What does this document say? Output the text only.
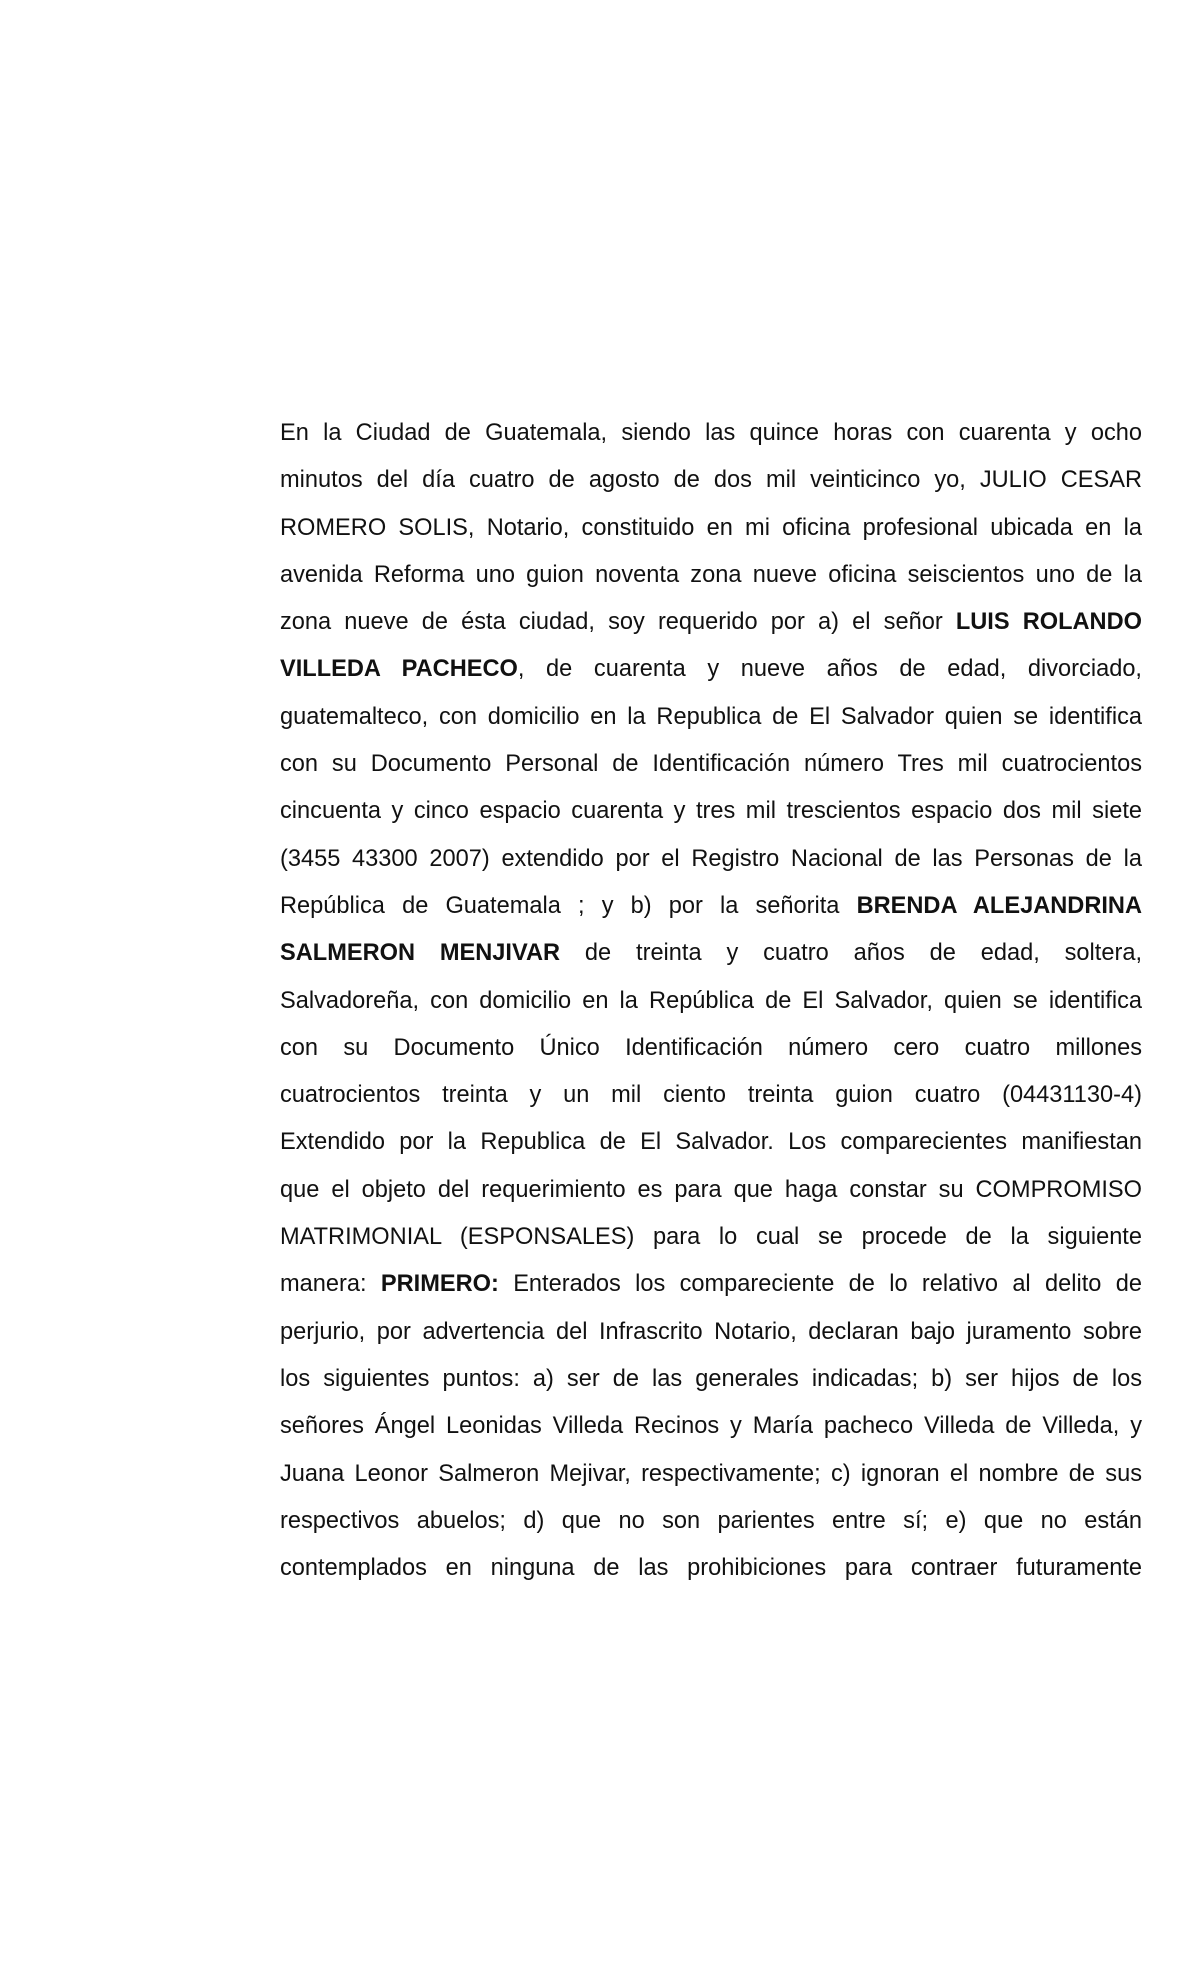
En la Ciudad de Guatemala, siendo las quince horas con cuarenta y ocho
minutos del día cuatro de agosto de dos mil veinticinco yo, JULIO CESAR
ROMERO SOLIS, Notario, constituido en mi oficina profesional ubicada en la
avenida Reforma uno guion noventa zona nueve oficina seiscientos uno de la
zona nueve de ésta ciudad, soy requerido por a) el señor LUIS ROLANDO
VILLEDA PACHECO, de cuarenta y nueve años de edad, divorciado,
guatemalteco, con domicilio en la Republica de El Salvador quien se identifica
con su Documento Personal de Identificación número Tres mil cuatrocientos
cincuenta y cinco espacio cuarenta y tres mil trescientos espacio dos mil siete
(3455 43300 2007) extendido por el Registro Nacional de las Personas de la
República de Guatemala ; y b) por la señorita BRENDA ALEJANDRINA
SALMERON MENJIVAR de treinta y cuatro años de edad, soltera,
Salvadoreña, con domicilio en la República de El Salvador, quien se identifica
con su Documento Único Identificación número cero cuatro millones
cuatrocientos treinta y un mil ciento treinta guion cuatro (04431130-4)
Extendido por la Republica de El Salvador. Los comparecientes manifiestan
que el objeto del requerimiento es para que haga constar su COMPROMISO
MATRIMONIAL (ESPONSALES) para lo cual se procede de la siguiente
manera: PRIMERO: Enterados los compareciente de lo relativo al delito de
perjurio, por advertencia del Infrascrito Notario, declaran bajo juramento sobre
los siguientes puntos: a) ser de las generales indicadas; b) ser hijos de los
señores Ángel Leonidas Villeda Recinos y María pacheco Villeda de Villeda, y
Juana Leonor Salmeron Mejivar, respectivamente; c) ignoran el nombre de sus
respectivos abuelos; d) que no son parientes entre sí; e) que no están
contemplados en ninguna de las prohibiciones para contraer futuramente
